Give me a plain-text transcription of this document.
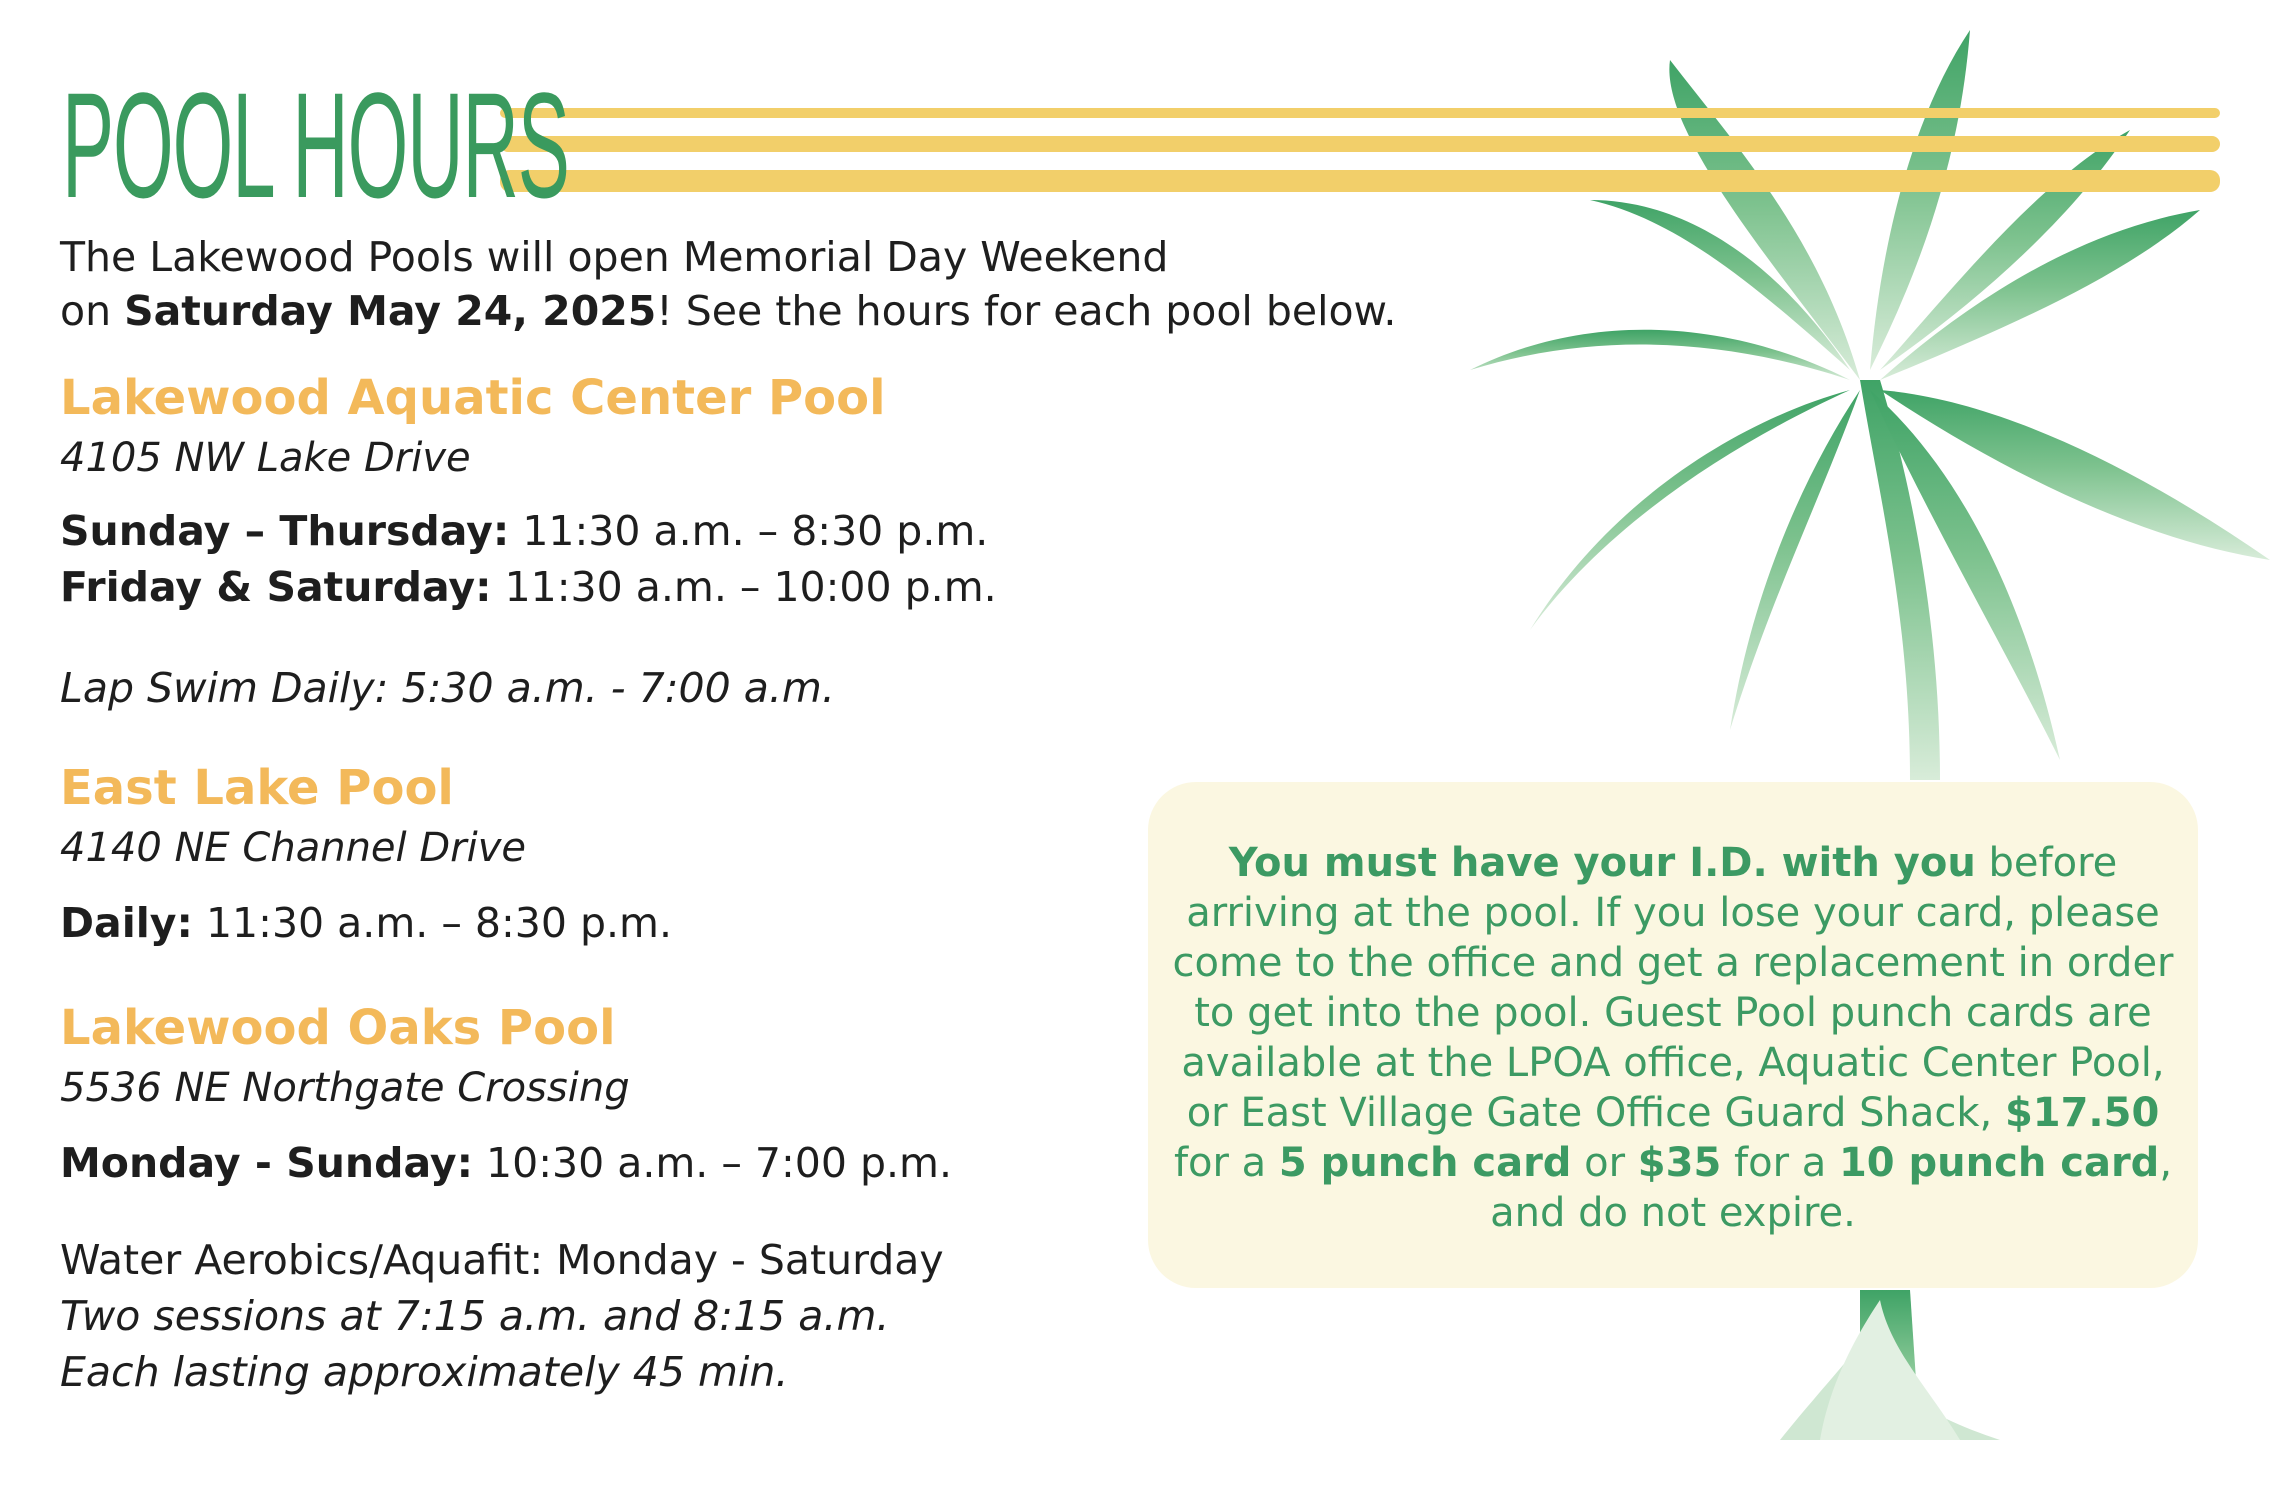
POOL HOURS
The Lakewood Pools will open Memorial Day Weekend
on Saturday May 24, 2025! See the hours for each pool below.
Lakewood Aquatic Center Pool
4105 NW Lake Drive
Sunday – Thursday: 11:30 a.m. – 8:30 p.m.
Friday & Saturday: 11:30 a.m. – 10:00 p.m.
Lap Swim Daily: 5:30 a.m. - 7:00 a.m.
East Lake Pool
4140 NE Channel Drive
Daily: 11:30 a.m. – 8:30 p.m.
Lakewood Oaks Pool
5536 NE Northgate Crossing
Monday - Sunday: 10:30 a.m. – 7:00 p.m.
Water Aerobics/Aquafit: Monday - Saturday
Two sessions at 7:15 a.m. and 8:15 a.m.
Each lasting approximately 45 min.
You must have your I.D. with you before arriving at the pool. If you lose your card, please come to the office and get a replacement in order to get into the pool. Guest Pool punch cards are available at the LPOA office, Aquatic Center Pool, or East Village Gate Office Guard Shack, $17.50 for a 5 punch card or $35 for a 10 punch card, and do not expire.
